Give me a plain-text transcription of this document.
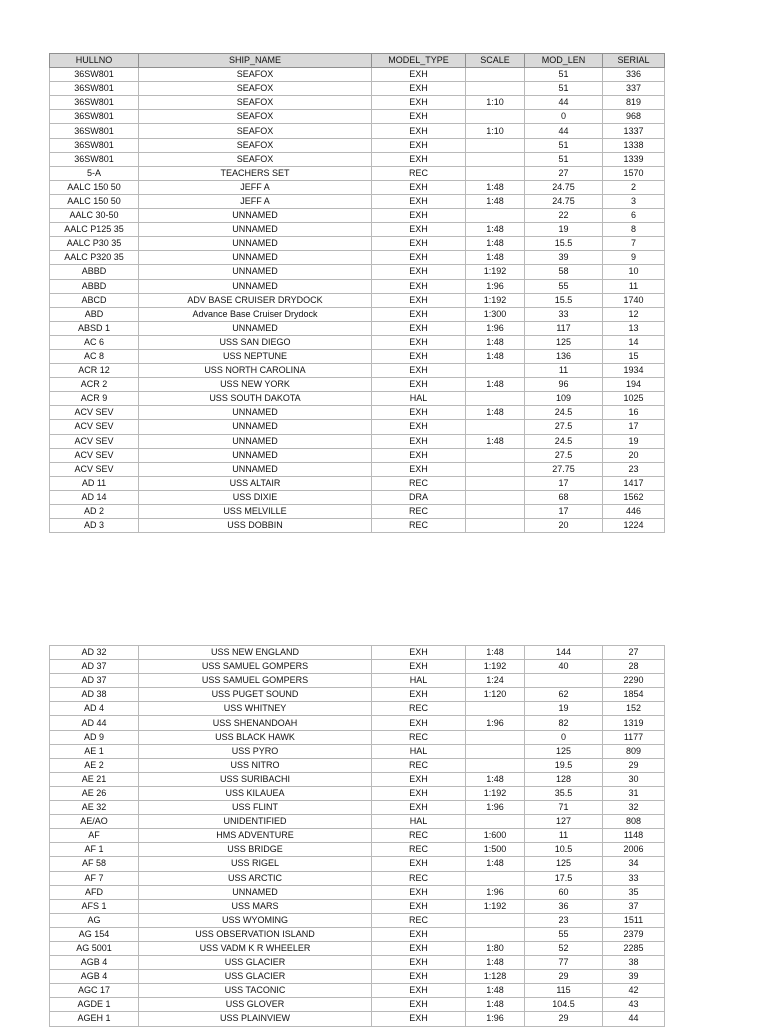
HULLNO	SHIP_NAME	MODEL_TYPE	SCALE	MOD_LEN	SERIAL
36SW801	SEAFOX	EXH		51	336
36SW801	SEAFOX	EXH		51	337
36SW801	SEAFOX	EXH	1:10	44	819
36SW801	SEAFOX	EXH		0	968
36SW801	SEAFOX	EXH	1:10	44	1337
36SW801	SEAFOX	EXH		51	1338
36SW801	SEAFOX	EXH		51	1339
5-A	TEACHERS SET	REC		27	1570
AALC 150 50	JEFF A	EXH	1:48	24.75	2
AALC 150 50	JEFF A	EXH	1:48	24.75	3
AALC 30-50	UNNAMED	EXH		22	6
AALC P125 35	UNNAMED	EXH	1:48	19	8
AALC P30 35	UNNAMED	EXH	1:48	15.5	7
AALC P320 35	UNNAMED	EXH	1:48	39	9
ABBD	UNNAMED	EXH	1:192	58	10
ABBD	UNNAMED	EXH	1:96	55	11
ABCD	ADV BASE CRUISER DRYDOCK	EXH	1:192	15.5	1740
ABD	Advance Base Cruiser Drydock	EXH	1:300	33	12
ABSD 1	UNNAMED	EXH	1:96	117	13
AC 6	USS SAN DIEGO	EXH	1:48	125	14
AC 8	USS NEPTUNE	EXH	1:48	136	15
ACR 12	USS NORTH CAROLINA	EXH		11	1934
ACR 2	USS NEW YORK	EXH	1:48	96	194
ACR 9	USS SOUTH DAKOTA	HAL		109	1025
ACV SEV	UNNAMED	EXH	1:48	24.5	16
ACV SEV	UNNAMED	EXH		27.5	17
ACV SEV	UNNAMED	EXH	1:48	24.5	19
ACV SEV	UNNAMED	EXH		27.5	20
ACV SEV	UNNAMED	EXH		27.75	23
AD 11	USS ALTAIR	REC		17	1417
AD 14	USS DIXIE	DRA		68	1562
AD 2	USS MELVILLE	REC		17	446
AD 3	USS DOBBIN	REC		20	1224
AD 32	USS NEW ENGLAND	EXH	1:48	144	27
AD 37	USS SAMUEL GOMPERS	EXH	1:192	40	28
AD 37	USS SAMUEL GOMPERS	HAL	1:24		2290
AD 38	USS PUGET SOUND	EXH	1:120	62	1854
AD 4	USS WHITNEY	REC		19	152
AD 44	USS SHENANDOAH	EXH	1:96	82	1319
AD 9	USS BLACK HAWK	REC		0	1177
AE 1	USS PYRO	HAL		125	809
AE 2	USS NITRO	REC		19.5	29
AE 21	USS SURIBACHI	EXH	1:48	128	30
AE 26	USS KILAUEA	EXH	1:192	35.5	31
AE 32	USS FLINT	EXH	1:96	71	32
AE/AO	UNIDENTIFIED	HAL		127	808
AF	HMS ADVENTURE	REC	1:600	11	1148
AF 1	USS BRIDGE	REC	1:500	10.5	2006
AF 58	USS RIGEL	EXH	1:48	125	34
AF 7	USS ARCTIC	REC		17.5	33
AFD	UNNAMED	EXH	1:96	60	35
AFS 1	USS MARS	EXH	1:192	36	37
AG	USS WYOMING	REC		23	1511
AG 154	USS OBSERVATION ISLAND	EXH		55	2379
AG 5001	USS VADM K R WHEELER	EXH	1:80	52	2285
AGB 4	USS GLACIER	EXH	1:48	77	38
AGB 4	USS GLACIER	EXH	1:128	29	39
AGC 17	USS TACONIC	EXH	1:48	115	42
AGDE 1	USS GLOVER	EXH	1:48	104.5	43
AGEH 1	USS PLAINVIEW	EXH	1:96	29	44
